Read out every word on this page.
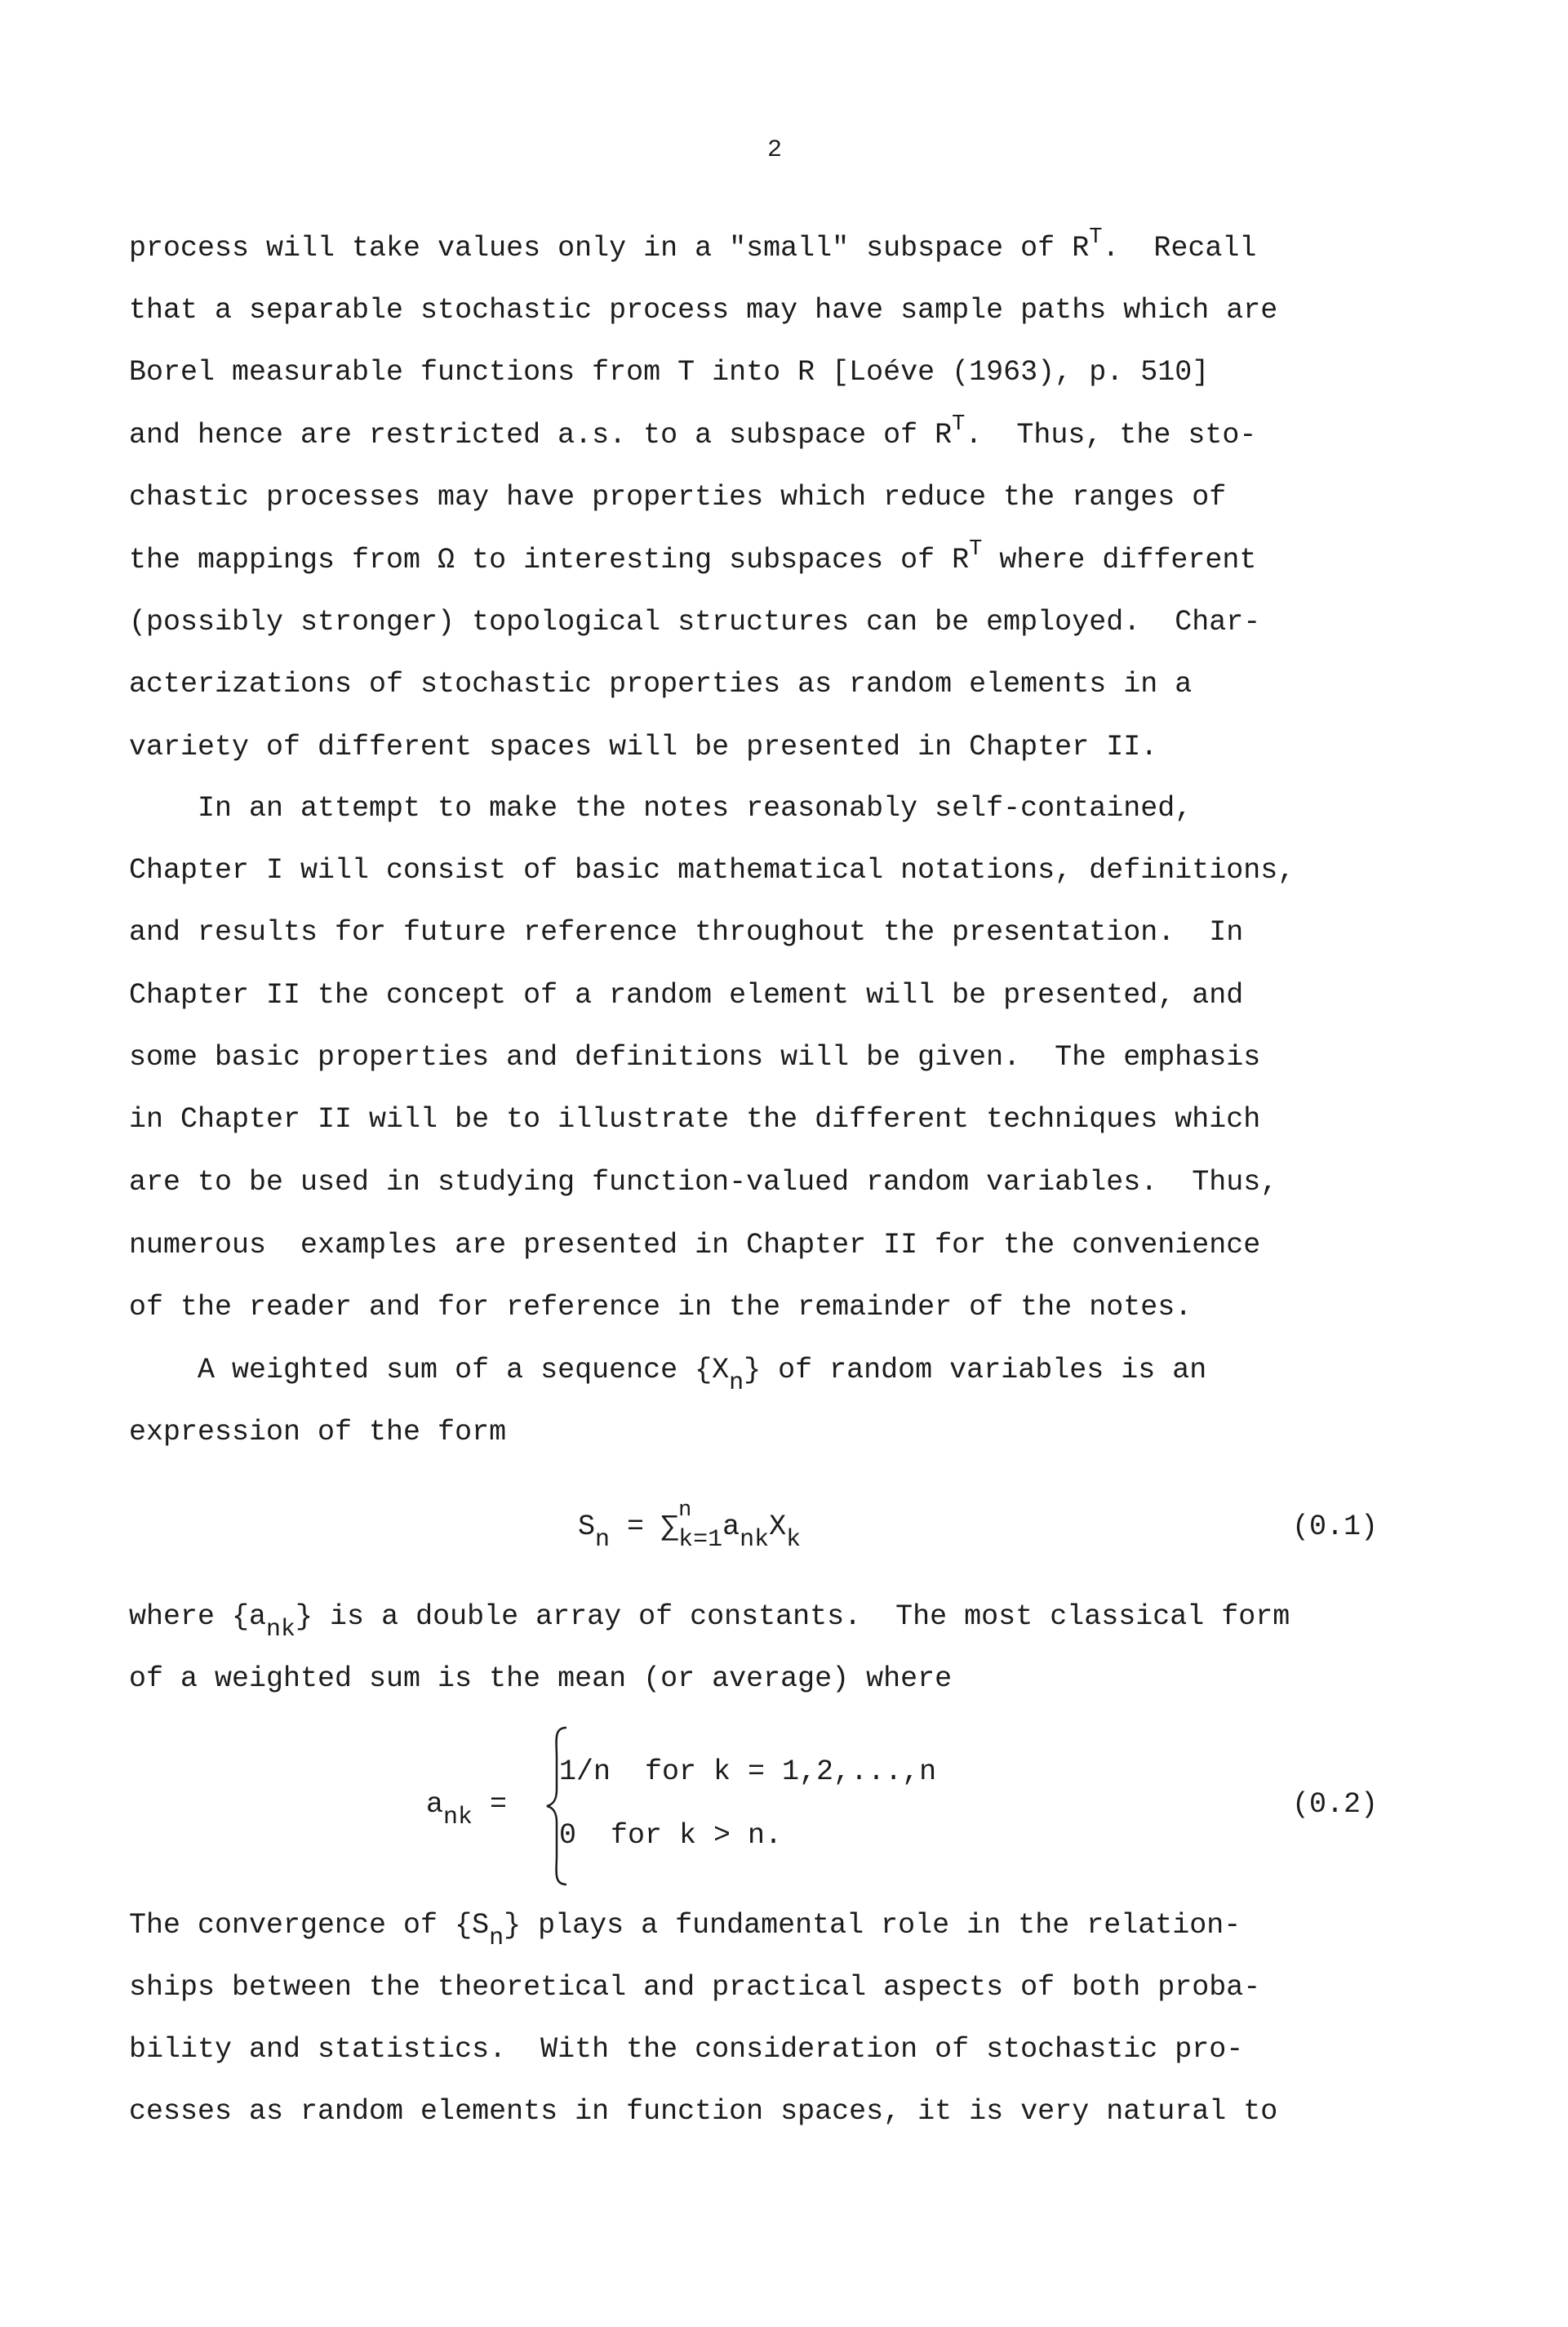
2
process will take values only in a "small" subspace of $R^T$.  Recall
that a separable stochastic process may have sample paths which are
Borel measurable functions from T into R [Loéve (1963), p. 510]
and hence are restricted a.s. to a subspace of $R^T$.  Thus, the sto-
chastic processes may have properties which reduce the ranges of
the mappings from Ω to interesting subspaces of $R^T$ where different
(possibly stronger) topological structures can be employed.  Char-
acterizations of stochastic properties as random elements in a
variety of different spaces will be presented in Chapter II.
In an attempt to make the notes reasonably self-contained,
Chapter I will consist of basic mathematical notations, definitions,
and results for future reference throughout the presentation.  In
Chapter II the concept of a random element will be presented, and
some basic properties and definitions will be given.  The emphasis
in Chapter II will be to illustrate the different techniques which
are to be used in studying function-valued random variables.  Thus,
numerous  examples are presented in Chapter II for the convenience
of the reader and for reference in the remainder of the notes.
A weighted sum of a sequence {Xn} of random variables is an
expression of the form
where {ank} is a double array of constants.  The most classical form
of a weighted sum is the mean (or average) where
The convergence of {Sn} plays a fundamental role in the relation-
ships between the theoretical and practical aspects of both proba-
bility and statistics.  With the consideration of stochastic pro-
cesses as random elements in function spaces, it is very natural to
Sn = ∑ n
k=1ankXk	(0.1)
ank =
1/n  for k = 1,2,...,n
0  for k > n.
(0.2)
